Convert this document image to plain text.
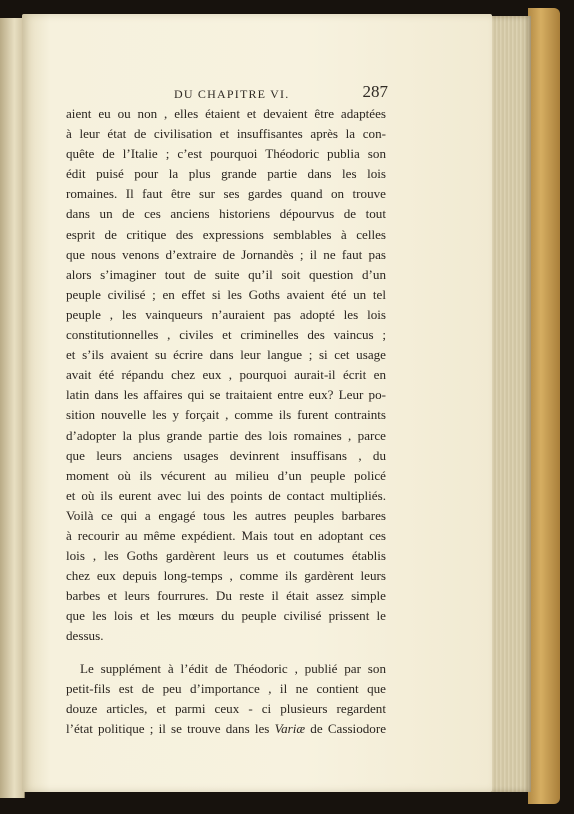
DU CHAPITRE VI.	287
aient eu ou non , elles étaient et devaient être adaptées
à leur état de civilisation et insuffisantes après la con-
quête de l’Italie ; c’est pourquoi Théodoric publia son
édit puisé pour la plus grande partie dans les lois
romaines. Il faut être sur ses gardes quand on trouve
dans un de ces anciens historiens dépourvus de tout
esprit de critique des expressions semblables à celles
que nous venons d’extraire de Jornandès ; il ne faut pas
alors s’imaginer tout de suite qu’il soit question d’un
peuple civilisé ; en effet si les Goths avaient été un tel
peuple , les vainqueurs n’auraient pas adopté les lois
constitutionnelles , civiles et criminelles des vaincus ;
et s’ils avaient su écrire dans leur langue ; si cet usage
avait été répandu chez eux , pourquoi aurait-il écrit en
latin dans les affaires qui se traitaient entre eux? Leur po-
sition nouvelle les y forçait , comme ils furent contraints
d’adopter la plus grande partie des lois romaines , parce
que leurs anciens usages devinrent insuffisans , du
moment où ils vécurent au milieu d’un peuple policé
et où ils eurent avec lui des points de contact multipliés.
Voilà ce qui a engagé tous les autres peuples barbares
à recourir au même expédient. Mais tout en adoptant ces
lois , les Goths gardèrent leurs us et coutumes établis
chez eux depuis long-temps , comme ils gardèrent leurs
barbes et leurs fourrures. Du reste il était assez simple
que les lois et les mœurs du peuple civilisé prissent le
dessus.
Le supplément à l’édit de Théodoric , publié par son
petit-fils est de peu d’importance , il ne contient que
douze articles, et parmi ceux - ci plusieurs regardent
l’état politique ; il se trouve dans les Variæ de Cassiodore
